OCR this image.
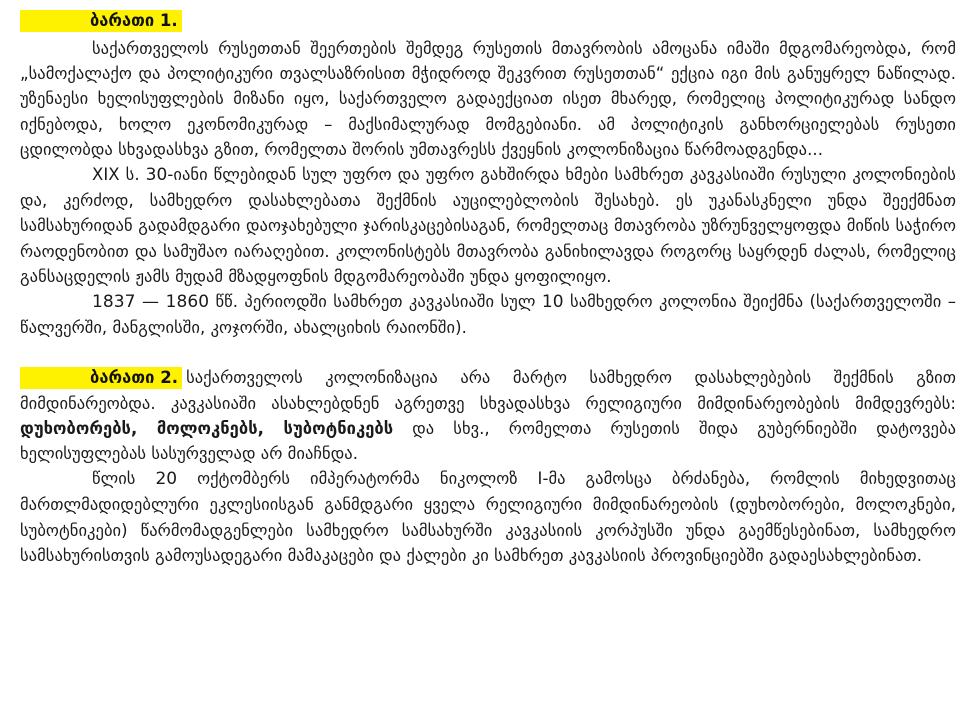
ბარათი 1.

საქართველოს რუსეთთან შეერთების შემდეგ რუსეთის მთავრობის ამოცანა იმაში მდგომარეობდა, რომ „სამოქალაქო და პოლიტიკური თვალსაზრისით მჭიდროდ შეკვრით რუსეთთან“ ექცია იგი მის განუყრელ ნაწილად. უზენაესი ხელისუფლების მიზანი იყო, საქართველო გადაექციათ ისეთ მხარედ, რომელიც პოლიტიკურად სანდო იქნებოდა, ხოლო ეკონომიკურად – მაქსიმალურად მომგებიანი. ამ პოლიტიკის განხორციელებას რუსეთი ცდილობდა სხვადასხვა გზით, რომელთა შორის უმთავრესს ქვეყნის კოლონიზაცია წარმოადგენდა...

XIX ს. 30-იანი წლებიდან სულ უფრო და უფრო გახშირდა ხმები სამხრეთ კავკასიაში რუსული კოლონიების და, კერძოდ, სამხედრო დასახლებათა შექმნის აუცილებლობის შესახებ. ეს უკანასკნელი უნდა შეექმნათ სამსახურიდან გადამდგარი დაოჯახებული ჯარისკაცებისაგან, რომელთაც მთავრობა უზრუნველყოფდა მიწის საჭირო რაოდენობით და სამუშაო იარაღებით. კოლონისტებს მთავრობა განიხილავდა როგორც საყრდენ ძალას, რომელიც განსაცდელის ჟამს მუდამ მზადყოფნის მდგომარეობაში უნდა ყოფილიყო.

1837 — 1860 წწ. პერიოდში სამხრეთ კავკასიაში სულ 10 სამხედრო კოლონია შეიქმნა (საქართველოში – წალვერში, მანგლისში, კოჯორში, ახალციხის რაიონში).

ბარათი 2. საქართველოს კოლონიზაცია არა მარტო სამხედრო დასახლებების შექმნის გზით მიმდინარეობდა. კავკასიაში ასახლებდნენ აგრეთვე სხვადასხვა რელიგიური მიმდინარეობების მიმდევრებს: დუხობორებს, მოლოკნებს, სუბოტნიკებს და სხვ., რომელთა რუსეთის შიდა გუბერნიებში დატოვება ხელისუფლებას სასურველად არ მიაჩნდა.

წლის 20 ოქტომბერს იმპერატორმა ნიკოლოზ I-მა გამოსცა ბრძანება, რომლის მიხედვითაც მართლმადიდებლური ეკლესიისგან განმდგარი ყველა რელიგიური მიმდინარეობის (დუხობორები, მოლოკნები, სუბოტნიკები) წარმომადგენლები სამხედრო სამსახურში კავკასიის კორპუსში უნდა გაემწესებინათ, სამხედრო სამსახურისთვის გამოუსადეგარი მამაკაცები და ქალები კი სამხრეთ კავკასიის პროვინციებში გადაესახლებინათ.
